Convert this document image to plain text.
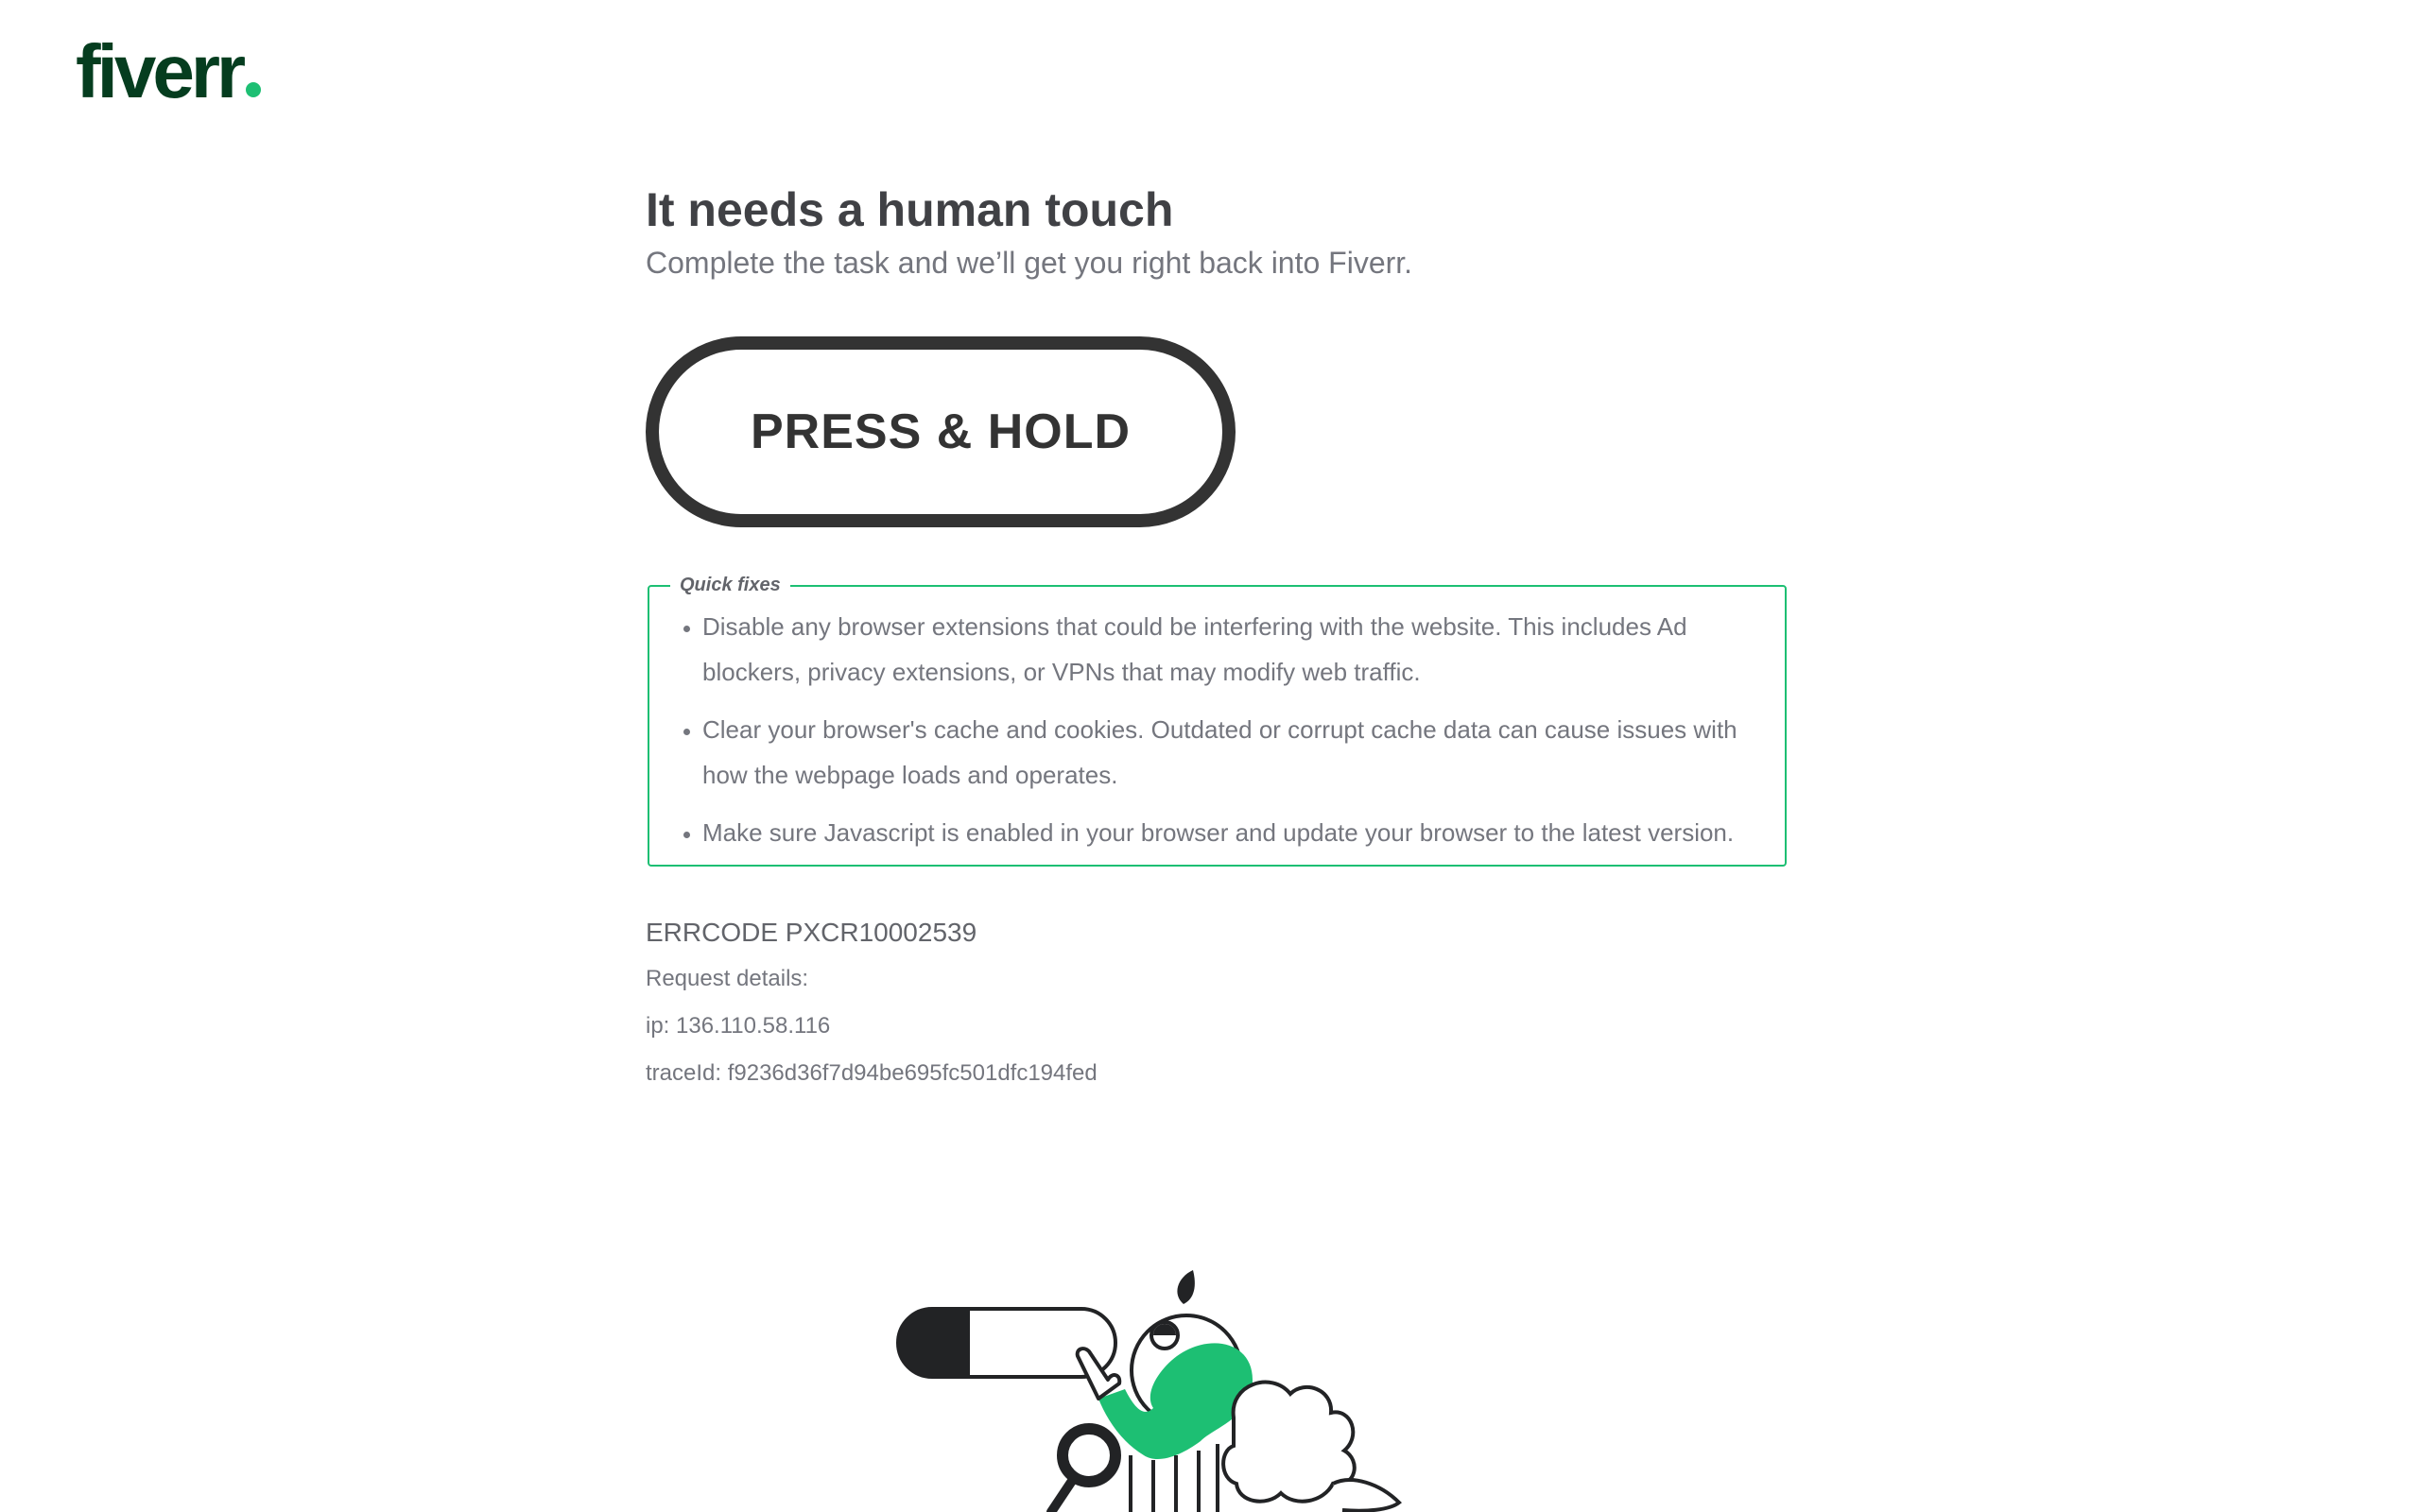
fiverr
It needs a human touch

Complete the task and we’ll get you right back into Fiverr.

PRESS & HOLD
Quick fixes
• Disable any browser extensions that could be interfering with the website. This includes Ad blockers, privacy extensions, or VPNs that may modify web traffic.
• Clear your browser's cache and cookies. Outdated or corrupt cache data can cause issues with how the webpage loads and operates.
• Make sure Javascript is enabled in your browser and update your browser to the latest version.
ERRCODE PXCR10002539
Request details:
ip: 136.110.58.116
traceId: f9236d36f7d94be695fc501dfc194fed
